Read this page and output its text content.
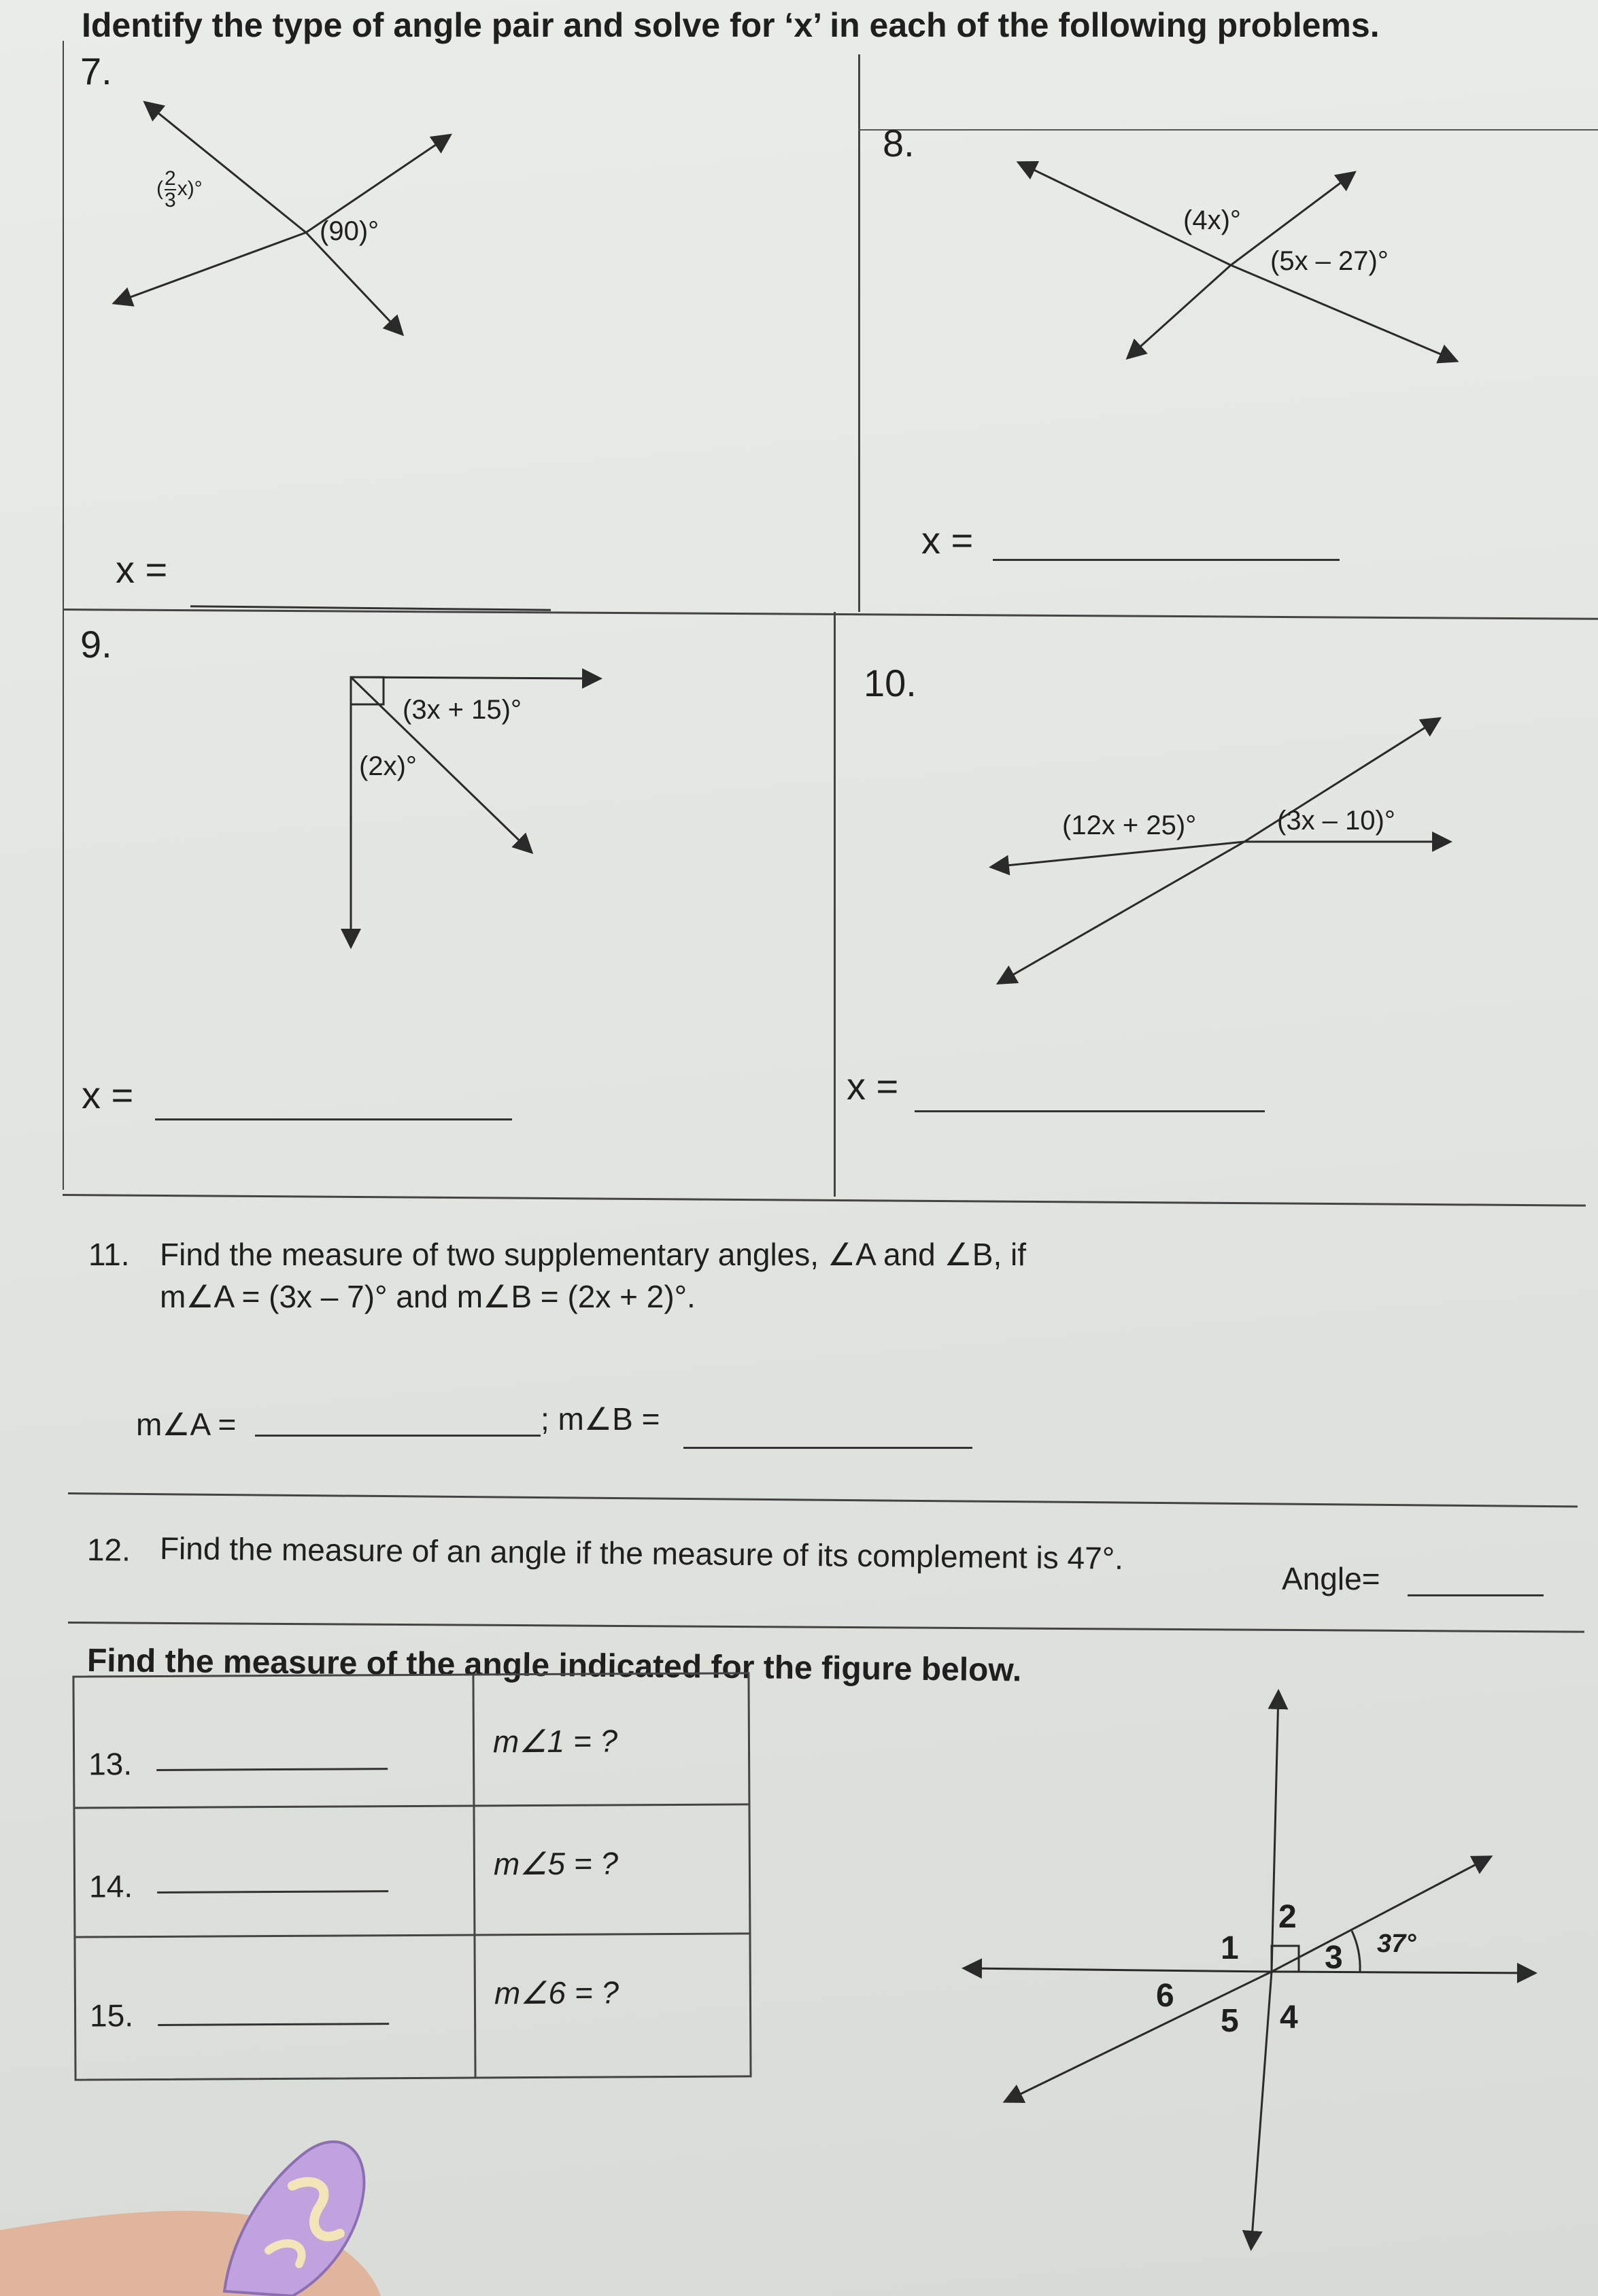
Identify the type of angle pair and solve for ‘x’ in each of the following problems.
7.
( $\frac{2}{3} x)^\circ$
(90)°
x =
8.
(4x)°
(5x – 27)°
x =
9.
(3x + 15)°
(2x)°
x =
10.
(12x + 25)°	(3x – 10)°
x =
11. Find the measure of two supplementary angles, ∠A and ∠B, if
m∠A = (3x – 7)° and m∠B = (2x + 2)°.
m∠A =	; m∠B =
12. Find the measure of an angle if the measure of its complement is 47°.
Angle=
Find the measure of the angle indicated for the figure below.
13.
m∠1 = ?
14.
m∠5 = ?
15.
m∠6 = ?
1
2
3
4
5
6
37°
